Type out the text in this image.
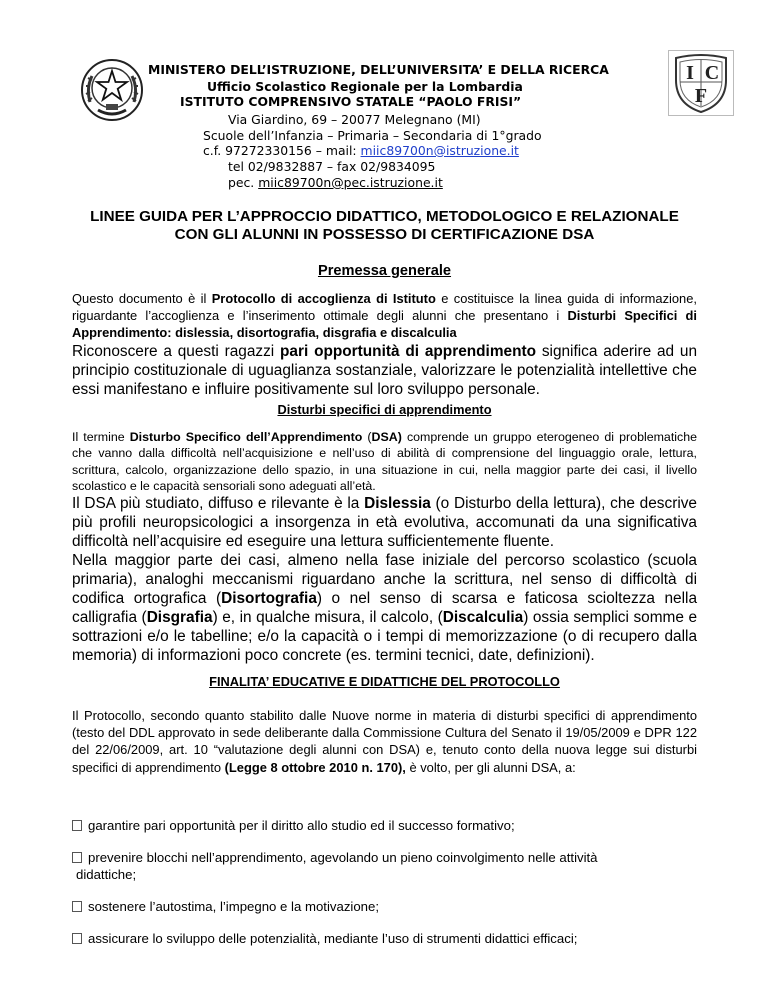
I C
F
MINISTERO DELL’ISTRUZIONE, DELL’UNIVERSITA’ E DELLA RICERCA
Ufficio Scolastico Regionale per la Lombardia
ISTITUTO COMPRENSIVO STATALE “PAOLO FRISI”
Via Giardino, 69 – 20077 Melegnano (MI)
Scuole dell’Infanzia – Primaria – Secondaria di 1°grado
c.f. 97272330156 – mail: miic89700n@istruzione.it
tel 02/9832887 – fax 02/9834095
pec. miic89700n@pec.istruzione.it
LINEE GUIDA PER L’APPROCCIO DIDATTICO, METODOLOGICO E RELAZIONALE
CON GLI ALUNNI IN POSSESSO DI CERTIFICAZIONE DSA
Premessa generale

Questo documento è il Protocollo di accoglienza di Istituto e costituisce la linea guida di informazione, riguardante l’accoglienza e l’inserimento ottimale degli alunni che presentano i Disturbi Specifici di Apprendimento: dislessia, disortografia, disgrafia e discalculia

Riconoscere a questi ragazzi pari opportunità di apprendimento significa aderire ad un principio costituzionale di uguaglianza sostanziale, valorizzare le potenzialità intellettive che essi manifestano e influire positivamente sul loro sviluppo personale.

Disturbi specifici di apprendimento

Il termine Disturbo Specifico dell’Apprendimento (DSA) comprende un gruppo eterogeneo di problematiche che vanno dalla difficoltà nell’acquisizione e nell’uso di abilità di comprensione del linguaggio orale, lettura, scrittura, calcolo, organizzazione dello spazio, in una situazione in cui, nella maggior parte dei casi, il livello scolastico e le capacità sensoriali sono adeguati all’età.

Il DSA più studiato, diffuso e rilevante è la Dislessia (o Disturbo della lettura), che descrive più profili neuropsicologici a insorgenza in età evolutiva, accomunati da una significativa difficoltà nell’acquisire ed eseguire una lettura sufficientemente fluente.

Nella maggior parte dei casi, almeno nella fase iniziale del percorso scolastico (scuola primaria), analoghi meccanismi riguardano anche la scrittura, nel senso di difficoltà di codifica ortografica (Disortografia) o nel senso di scarsa e faticosa scioltezza nella calligrafia (Disgrafia) e, in qualche misura, il calcolo, (Discalculia) ossia semplici somme e sottrazioni e/o le tabelline; e/o la capacità o i tempi di memorizzazione (o di recupero dalla memoria) di informazioni poco concrete (es. termini tecnici, date, definizioni).

FINALITA’ EDUCATIVE E DIDATTICHE DEL PROTOCOLLO

Il Protocollo, secondo quanto stabilito dalle Nuove norme in materia di disturbi specifici di apprendimento (testo del DDL approvato in sede deliberante dalla Commissione Cultura del Senato il 19/05/2009 e DPR 122 del 22/06/2009, art. 10 “valutazione degli alunni con DSA) e, tenuto conto della nuova legge sui disturbi specifici di apprendimento (Legge 8 ottobre 2010 n. 170), è volto, per gli alunni DSA, a:

garantire pari opportunità per il diritto allo studio ed il successo formativo;
prevenire blocchi nell’apprendimento, agevolando un pieno coinvolgimento nelle attività
didattiche;
sostenere l’autostima, l’impegno e la motivazione;
assicurare lo sviluppo delle potenzialità, mediante l’uso di strumenti didattici efficaci;
